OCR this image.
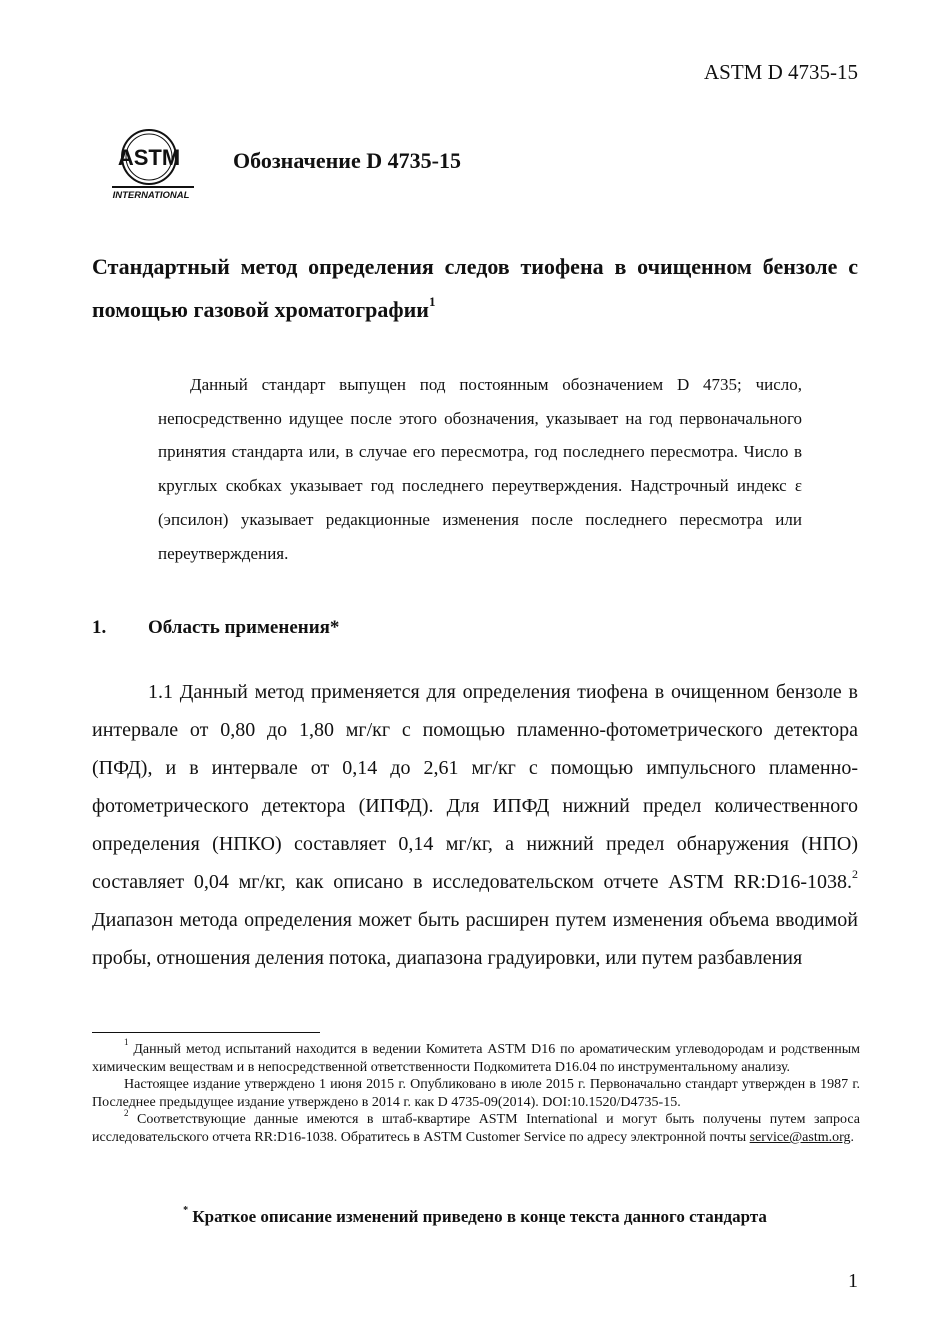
ASTM D 4735-15
ASTM
INTERNATIONAL
Обозначение D 4735-15
Стандартный метод определения следов тиофена в очищенном бензоле с помощью газовой хроматографии$^1$
Данный стандарт выпущен под постоянным обозначением D 4735; число, непосредственно идущее после этого обозначения, указывает на год первоначального принятия стандарта или, в случае его пересмотра, год последнего пересмотра. Число в круглых скобках указывает год последнего переутверждения. Надстрочный индекс ε (эпсилон) указывает редакционные изменения после последнего пересмотра или переутверждения.
1. Область применения*
1.1 Данный метод применяется для определения тиофена в очищенном бензоле в интервале от 0,80 до 1,80 мг/кг с помощью пламенно-фотометрического детектора (ПФД), и в интервале от 0,14 до 2,61 мг/кг с помощью импульсного пламенно-фотометрического детектора (ИПФД). Для ИПФД нижний предел количественного определения (НПКО) составляет 0,14 мг/кг, а нижний предел обнаружения (НПО) составляет 0,04 мг/кг, как описано в исследовательском отчете ASTM RR:D16-1038.$^2$ Диапазон метода определения может быть расширен путем изменения объема вводимой пробы, отношения деления потока, диапазона градуировки, или путем разбавления

$^1$ Данный метод испытаний находится в ведении Комитета ASTM D16 по ароматическим углеводородам и родственным химическим веществам и в непосредственной ответственности Подкомитета D16.04 по инструментальному анализу.

Настоящее издание утверждено 1 июня 2015 г. Опубликовано в июле 2015 г. Первоначально стандарт утвержден в 1987 г. Последнее предыдущее издание утверждено в 2014 г. как D 4735-09(2014). DOI:10.1520/D4735-15.

$^2$ Соответствующие данные имеются в штаб-квартире ASTM International и могут быть получены путем запроса исследовательского отчета RR:D16-1038. Обратитесь в ASTM Customer Service по адресу электронной почты service@astm.org.

* Краткое описание изменений приведено в конце текста данного стандарта
1
